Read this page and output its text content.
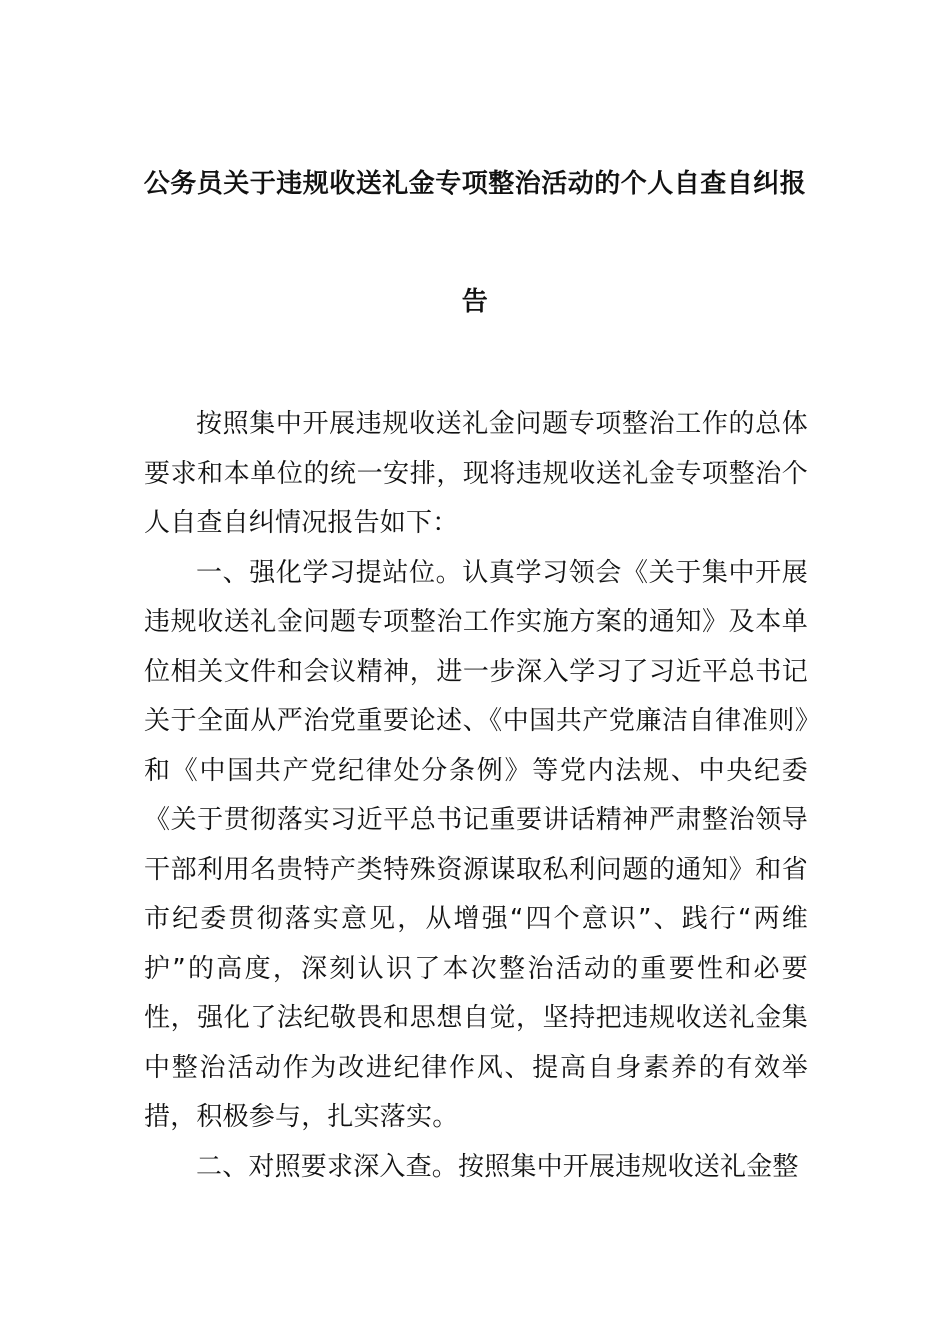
公务员关于违规收送礼金专项整治活动的个人自查自纠报
告

按照集中开展违规收送礼金问题专项整治工作的总体要求和本单位的统一安排，现将违规收送礼金专项整治个人自查自纠情况报告如下：

一、强化学习提站位。认真学习领会《关于集中开展违规收送礼金问题专项整治工作实施方案的通知》及本单位相关文件和会议精神，进一步深入学习了习近平总书记关于全面从严治党重要论述、《中国共产党廉洁自律准则》和《中国共产党纪律处分条例》等党内法规、中央纪委《关于贯彻落实习近平总书记重要讲话精神严肃整治领导干部利用名贵特产类特殊资源谋取私利问题的通知》和省市纪委贯彻落实意见，从增强“四个意识”、践行“两维护”的高度，深刻认识了本次整治活动的重要性和必要性，强化了法纪敬畏和思想自觉，坚持把违规收送礼金集中整治活动作为改进纪律作风、提高自身素养的有效举措，积极参与，扎实落实。

二、对照要求深入查。按照集中开展违规收送礼金整
